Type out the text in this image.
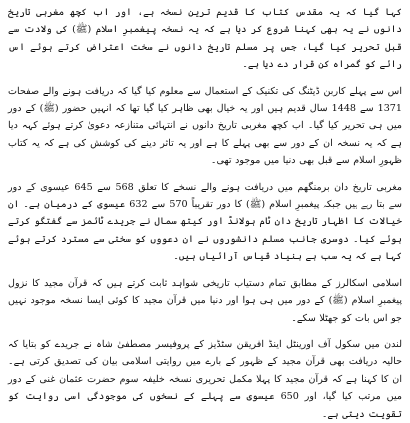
کہا گیا کہ یہ مقدس کتاب کا قدیم ترین نسخہ ہے، اور اب کچھ مغربی تاریخ دانوں نے یہ بھی کہنا شروع کر دیا ہے کہ یہ نسخہ پیغمبرِ اسلام (ﷺ) کی ولادت سے قبل تحریر کیا گیا، جس پر مسلم تاریخ دانوں نے سخت اعتراض کرتے ہوئے اس رائے کو گمراہ کن قرار دے دیا ہے۔

اس سے پہلے کاربن ڈیٹنگ کی تکنیک کے استعمال سے معلوم کیا گیا کہ دریافت ہونے والے صفحات 1371 سے 1448 سال قدیم ہیں اور یہ خیال بھی ظاہر کیا گیا تھا کہ انہیں حضور (ﷺ) کے دور میں ہی تحریر کیا گیا۔ اب کچھ مغربی تاریخ دانوں نے انتہائی متنازعہ دعویٰ کرتے ہوئے کہہ دیا ہے کہ یہ نسخہ ان کے دور سے بھی پہلے کا ہے اور یہ تاثر دینے کی کوشش کی ہے کہ یہ کتاب ظہورِ اسلام سے قبل بھی دنیا میں موجود تھی۔

مغربی تاریخ دان برمنگھم میں دریافت ہونے والے نسخے کا تعلق 568 سے 645 عیسوی کے دور سے بتا رہے ہیں جبکہ پیغمبرِ اسلام (ﷺ) کا دور تقریباً 570 سے 632 عیسوی کے درمیان ہے۔ ان خیالات کا اظہار تاریخ دان ٹام ہولانڈ اور کیتھ سمال نے جریدے ٹائمز سے گفتگو کرتے ہوئے کیا۔ دوسری جانب مسلم دانشوروں نے ان دعووں کو سختی سے مسترد کرتے ہوئے کہا ہے کہ یہ سب بے بنیاد قیاس آرائیاں ہیں۔

اسلامی اسکالرز کے مطابق تمام دستیاب تاریخی شواہد ثابت کرتے ہیں کہ قرآن مجید کا نزول پیغمبرِ اسلام (ﷺ) کے دور میں ہی ہوا اور دنیا میں قرآن مجید کا کوئی ایسا نسخہ موجود نہیں جو اس بات کو جھٹلا سکے۔

لندن میں سکول آف اورینٹل اینڈ افریقن سٹڈیز کے پروفیسر مصطفیٰ شاہ نے جریدے کو بتایا کہ حالیہ دریافت بھی قرآن مجید کے ظہور کے بارے میں روایتی اسلامی بیان کی تصدیق کرتی ہے۔ ان کا کہنا ہے کہ قرآن مجید کا پہلا مکمل تحریری نسخہ خلیفہ سوم حضرت عثمان غنی کے دور میں مرتب کیا گیا، اور 650 عیسوی سے پہلے کے نسخوں کی موجودگی اسی روایت کو تقویت دیتی ہے۔
